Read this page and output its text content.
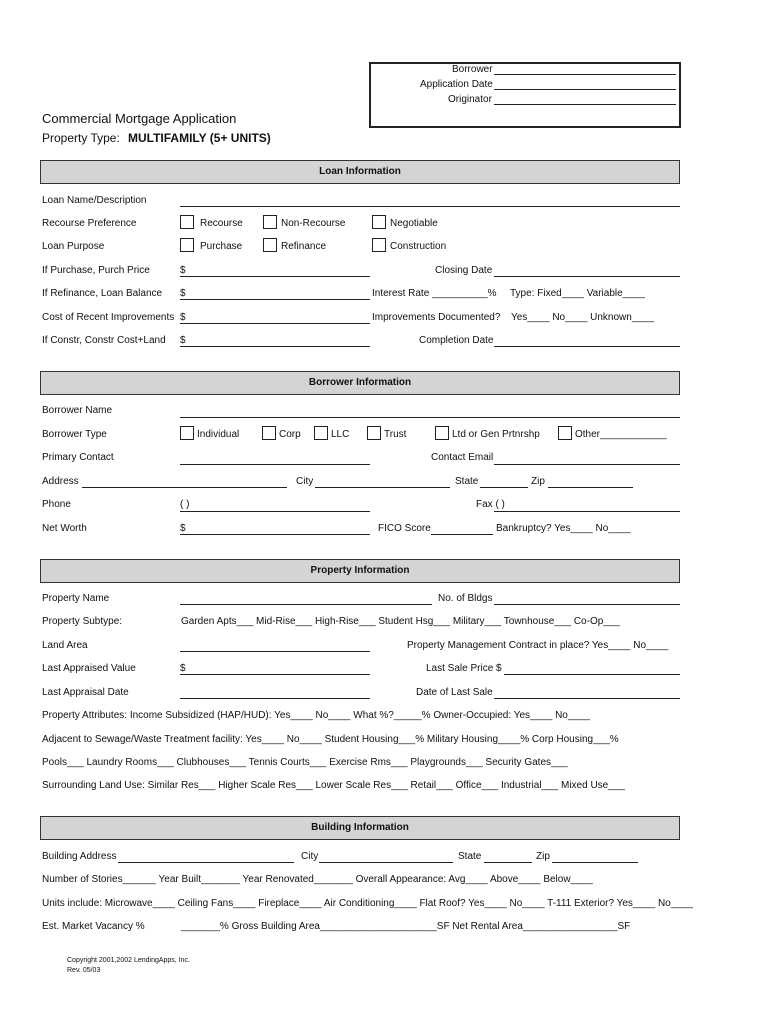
Borrower
Application Date
Originator
Commercial Mortgage Application
Property Type: MULTIFAMILY (5+ UNITS)
Loan Information
Loan Name/Description
Recourse Preference	Recourse	Non-Recourse	Negotiable
Loan Purpose	Purchase	Refinance	Construction
If Purchase, Purch Price	$	Closing Date
If Refinance, Loan Balance $	Interest Rate __________% Type: Fixed____ Variable____
Cost of Recent Improvements $	Improvements Documented? Yes____ No____ Unknown____
If Constr, Constr Cost+Land $	Completion Date
Borrower Information
Borrower Name
Borrower Type	Individual	Corp	LLC	Trust	Ltd or Gen Prtnrshp	Other____________
Primary Contact	Contact Email
Address	City	State	Zip
Phone	( )	Fax ( )
Net Worth	$	FICO Score	Bankruptcy? Yes____ No____
Property Information
Property Name	No. of Bldgs
Property Subtype:	Garden Apts___ Mid-Rise___ High-Rise___ Student Hsg___ Military___ Townhouse___ Co-Op___
Land Area	Property Management Contract in place? Yes____ No____
Last Appraised Value	$	Last Sale Price $
Last Appraisal Date	Date of Last Sale
Property Attributes: Income Subsidized (HAP/HUD): Yes____ No____ What %?_____% Owner-Occupied: Yes____ No____
Adjacent to Sewage/Waste Treatment facility: Yes____ No____ Student Housing___% Military Housing____% Corp Housing___%
Pools___ Laundry Rooms___ Clubhouses___ Tennis Courts___ Exercise Rms___ Playgrounds___ Security Gates___
Surrounding Land Use: Similar Res___ Higher Scale Res___ Lower Scale Res___ Retail___ Office___ Industrial___ Mixed Use___
Building Information
Building Address	City	State	Zip
Number of Stories______ Year Built_______ Year Renovated_______ Overall Appearance: Avg____ Above____ Below____
Units include: Microwave____ Ceiling Fans____ Fireplace____ Air Conditioning____ Flat Roof? Yes____ No____ T-111 Exterior? Yes____ No____
Est. Market Vacancy %	_______% Gross Building Area_____________________SF Net Rental Area_________________SF
Copyright 2001,2002 LendingApps, Inc.
Rev. 05/03
